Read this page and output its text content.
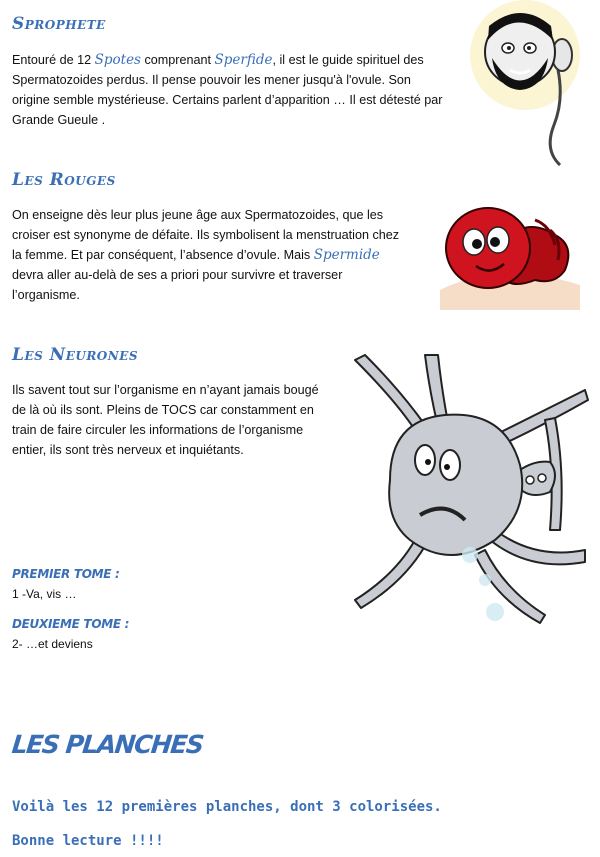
Sprophete

Entouré de 12 Spotes comprenant Sperfide, il est le guide spirituel des Spermatozoides perdus. Il pense pouvoir les mener jusqu'à l'ovule. Son origine semble mystérieuse. Certains parlent d’apparition … Il est détesté par Grande Gueule .

Les Rouges

On enseigne dès leur plus jeune âge aux Spermatozoides, que les croiser est synonyme de défaite. Ils symbolisent la menstruation chez la femme. Et par conséquent, l’absence d’ovule. Mais Spermide devra aller au-delà de ses a priori pour survivre et traverser l’organisme.

Les Neurones

Ils savent tout sur l’organisme en n’ayant jamais bougé de là où ils sont. Pleins de TOCS car constamment en train de faire circuler les informations de l’organisme entier, ils sont très nerveux et inquiétants.

PREMIER TOME :

1 -Va, vis …

DEUXIEME TOME :

2- …et deviens

LES PLANCHES

Voilà les 12 premières planches, dont 3 colorisées.

Bonne lecture !!!!
